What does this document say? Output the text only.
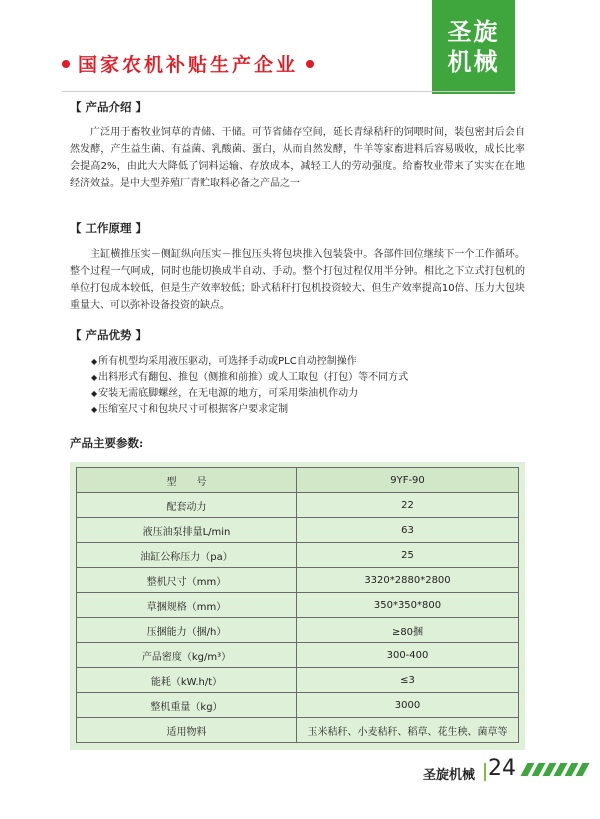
圣旋
机械
国家农机补贴生产企业
【 产品介绍 】

广泛用于畜牧业饲草的青储、干储。可节省储存空间，延长青绿秸秆的饲喂时间，装包密封后会自然发酵，产生益生菌、有益菌、乳酸菌、蛋白，从而自然发酵，牛羊等家畜进料后容易吸收，成长比率会提高2%，由此大大降低了饲料运输、存放成本，减轻工人的劳动强度。给畜牧业带来了实实在在地经济效益。是中大型养殖厂青贮取料必备之产品之一

【 工作原理 】

主缸横推压实－侧缸纵向压实－推包压头将包块推入包装袋中。各部件回位继续下一个工作循环。整个过程一气呵成，同时也能切换成半自动、手动。整个打包过程仅用半分钟。相比之下立式打包机的单位打包成本较低，但是生产效率较低；卧式秸秆打包机投资较大、但生产效率提高10倍、压力大包块重量大、可以弥补设备投资的缺点。

【 产品优势 】
◆ 所有机型均采用液压驱动，可选择手动或PLC自动控制操作
◆ 出料形式有翻包、推包（侧推和前推）或人工取包（打包）等不同方式
◆ 安装无需底脚螺丝，在无电源的地方，可采用柴油机作动力
◆ 压缩室尺寸和包块尺寸可根据客户要求定制
产品主要参数:
型　　号	9YF-90
配套动力	22
液压油泵排量L/min	63
油缸公称压力（pa）	25
整机尺寸（mm）	3320*2880*2800
草捆规格（mm）	350*350*800
压捆能力（捆/h）	≥80捆
产品密度（kg/m³）	300-400
能耗（kW.h/t）	≤3
整机重量（kg）	3000
适用物料	玉米秸秆、小麦秸秆、稻草、花生秧、菌草等
圣旋机械 24
